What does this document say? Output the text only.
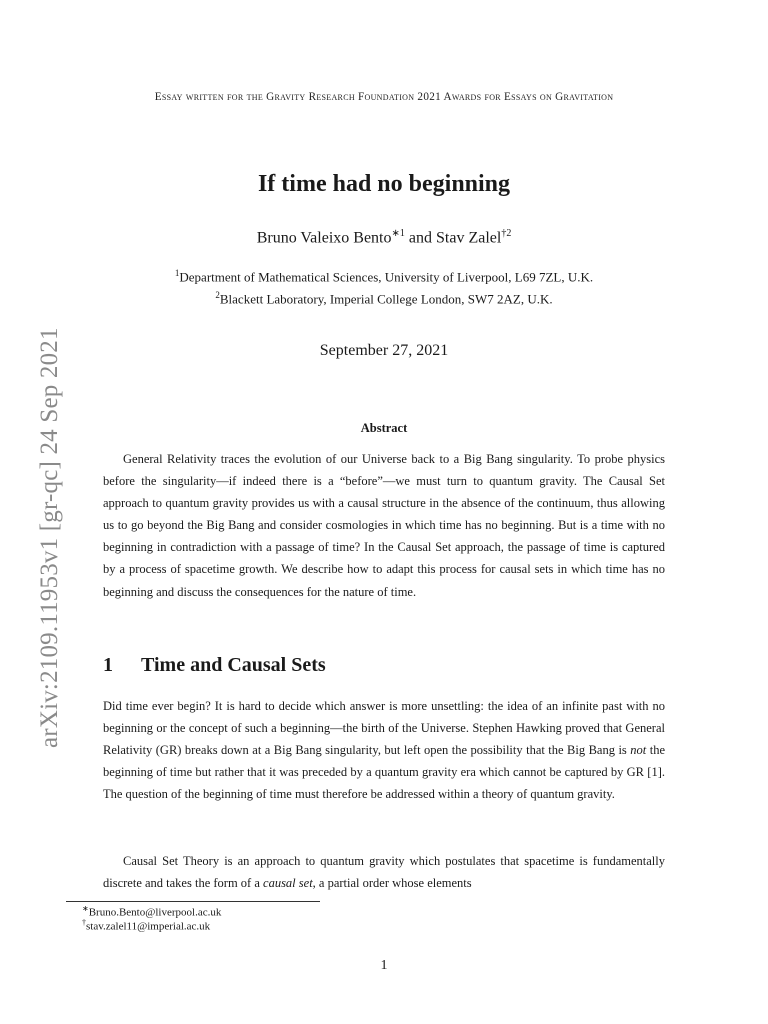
arXiv:2109.11953v1 [gr-qc] 24 Sep 2021
Essay written for the Gravity Research Foundation 2021 Awards for Essays on Gravitation
If time had no beginning
Bruno Valeixo Bento$^{∗1}$ and Stav Zalel$^{\dagger 2}$
$^1$Department of Mathematical Sciences, University of Liverpool, L69 7ZL, U.K.
$^2$Blackett Laboratory, Imperial College London, SW7 2AZ, U.K.
September 27, 2021
Abstract
General Relativity traces the evolution of our Universe back to a Big Bang singularity. To probe physics before the singularity—if indeed there is a “before”—we must turn to quantum gravity. The Causal Set approach to quantum gravity provides us with a causal structure in the absence of the continuum, thus allowing us to go beyond the Big Bang and consider cosmologies in which time has no beginning. But is a time with no beginning in contradiction with a passage of time? In the Causal Set approach, the passage of time is captured by a process of spacetime growth. We describe how to adapt this process for causal sets in which time has no beginning and discuss the consequences for the nature of time.
1 Time and Causal Sets
Did time ever begin? It is hard to decide which answer is more unsettling: the idea of an infinite past with no beginning or the concept of such a beginning—the birth of the Universe. Stephen Hawking proved that General Relativity (GR) breaks down at a Big Bang singularity, but left open the possibility that the Big Bang is not the beginning of time but rather that it was preceded by a quantum gravity era which cannot be captured by GR [1]. The question of the beginning of time must therefore be addressed within a theory of quantum gravity.
Causal Set Theory is an approach to quantum gravity which postulates that spacetime is fundamentally discrete and takes the form of a causal set, a partial order whose elements
∗Bruno.Bento@liverpool.ac.uk
†stav.zalel11@imperial.ac.uk
1
